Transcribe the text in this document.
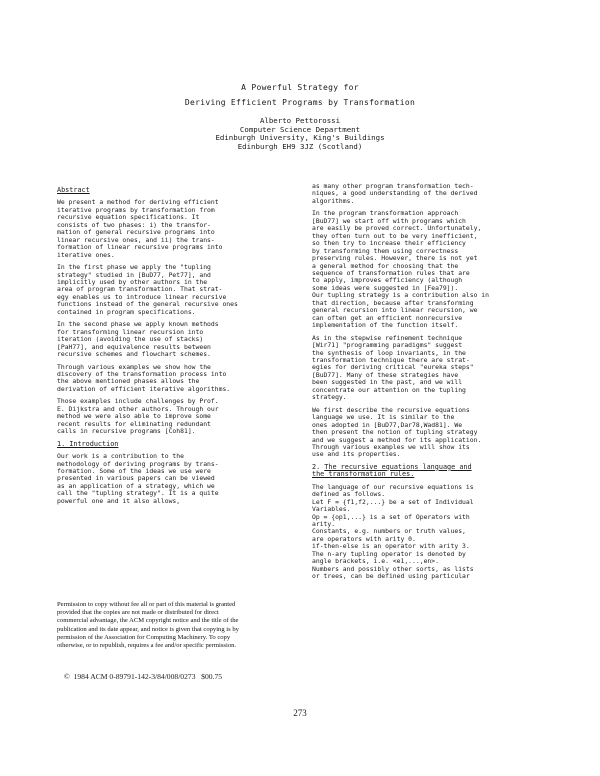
A Powerful Strategy for
Deriving Efficient Programs by Transformation
Alberto Pettorossi
Computer Science Department
Edinburgh University, King's Buildings
Edinburgh EH9 3JZ (Scotland)
Abstract

We present a method for deriving efficient
iterative programs by transformation from
recursive equation specifications. It
consists of two phases: i) the transfor-
mation of general recursive programs into
linear recursive ones, and ii) the trans-
formation of linear recursive programs into
iterative ones.

In the first phase we apply the "tupling
strategy" studied in [BuD77, Pet77], and
implicitly used by other authors in the
area of program transformation. That strat-
egy enables us to introduce linear recursive
functions instead of the general recursive ones
contained in program specifications.

In the second phase we apply known methods
for transforming linear recursion into
iteration (avoiding the use of stacks)
[PaH77], and equivalence results between
recursive schemes and flowchart schemes.

Through various examples we show how the
discovery of the transformation process into
the above mentioned phases allows the
derivation of efficient iterative algorithms.

Those examples include challenges by Prof.
E. Dijkstra and other authors. Through our
method we were also able to improve some
recent results for eliminating redundant
calls in recursive programs [Coh81].

1. Introduction

Our work is a contribution to the
methodology of deriving programs by trans-
formation. Some of the ideas we use were
presented in various papers can be viewed
as an application of a strategy, which we
call the "tupling strategy". It is a quite
powerful one and it also allows,

as many other program transformation tech-
niques, a good understanding of the derived
algorithms.

In the program transformation approach
[BuD77] we start off with programs which
are easily be proved correct. Unfortunately,
they often turn out to be very inefficient,
so then try to increase their efficiency
by transforming them using correctness
preserving rules. However, there is not yet
a general method for choosing that the
sequence of transformation rules that are
to apply, improves efficiency (although
some ideas were suggested in [Fea79]).
Our tupling strategy is a contribution also in
that direction, because after transforming
general recursion into linear recursion, we
can often get an efficient nonrecursive
implementation of the function itself.

As in the stepwise refinement technique
[Wir71] "programming paradigms" suggest
the synthesis of loop invariants, in the
transformation technique there are strat-
egies for deriving critical "eureka steps"
[BuD77]. Many of these strategies have
been suggested in the past, and we will
concentrate our attention on the tupling
strategy.

We first describe the recursive equations
language we use. It is similar to the
ones adopted in [BuD77,Dar78,Wad81]. We
then present the notion of tupling strategy
and we suggest a method for its application.
Through various examples we will show its
use and its properties.

2. The recursive equations language and
the transformation rules.

The language of our recursive equations is
defined as follows.
Let F = {f1,f2,...} be a set of Individual
Variables.
Op = {op1,...} is a set of Operators with
arity.
Constants, e.g. numbers or truth values,
are operators with arity 0.
if-then-else is an operator with arity 3.
The n-ary tupling operator is denoted by
angle brackets, i.e. <e1,...,en>.
Numbers and possibly other sorts, as lists
or trees, can be defined using particular

Permission to copy without fee all or part of this material is granted
provided that the copies are not made or distributed for direct
commercial advantage, the ACM copyright notice and the title of the
publication and its date appear, and notice is given that copying is by
permission of the Association for Computing Machinery. To copy
otherwise, or to republish, requires a fee and/or specific permission.
©  1984 ACM 0-89791-142-3/84/008/0273   $00.75
273
